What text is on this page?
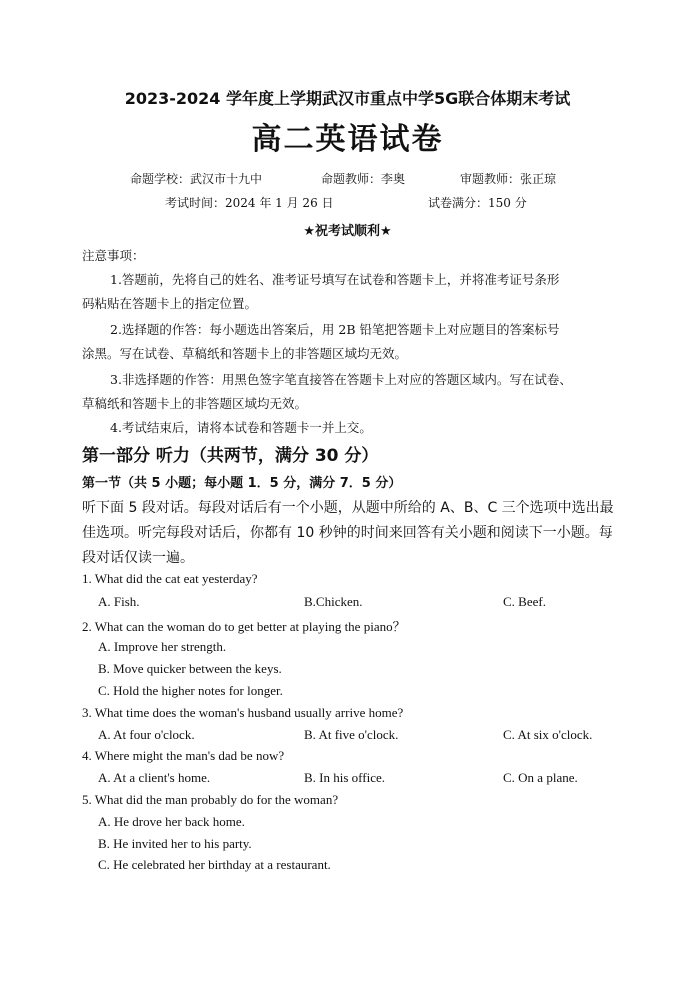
2023-2024 学年度上学期武汉市重点中学5G联合体期末考试
高二英语试卷
命题学校：武汉市十九中	命题教师：李奥	审题教师：张正琼
考试时间：2024 年 1 月 26 日	试卷满分：150 分
★祝考试顺利★
注意事项：
1.答题前，先将自己的姓名、准考证号填写在试卷和答题卡上，并将准考证号条形
码粘贴在答题卡上的指定位置。
2.选择题的作答：每小题选出答案后，用 2B 铅笔把答题卡上对应题目的答案标号
涂黑。写在试卷、草稿纸和答题卡上的非答题区域均无效。
3.非选择题的作答：用黑色签字笔直接答在答题卡上对应的答题区域内。写在试卷、
草稿纸和答题卡上的非答题区域均无效。
4.考试结束后，请将本试卷和答题卡一并上交。
第一部分 听力（共两节，满分 30 分）
第一节（共 5 小题；每小题 1．5 分，满分 7．5 分）
听下面 5 段对话。每段对话后有一个小题，从题中所给的 A、B、C 三个选项中选出最
佳选项。听完每段对话后，你都有 10 秒钟的时间来回答有关小题和阅读下一小题。每
段对话仅读一遍。
1. What did the cat eat yesterday?
A. Fish.	B.Chicken.	C. Beef.
2. What can the woman do to get better at playing the piano？
A. Improve her strength.
B. Move quicker between the keys.
C. Hold the higher notes for longer.
3. What time does the woman's husband usually arrive home?
A. At four o'clock.	B. At five o'clock.	C. At six o'clock.
4. Where might the man's dad be now?
A. At a client's home.	B. In his office.	C. On a plane.
5. What did the man probably do for the woman?
A. He drove her back home.
B. He invited her to his party.
C. He celebrated her birthday at a restaurant.
